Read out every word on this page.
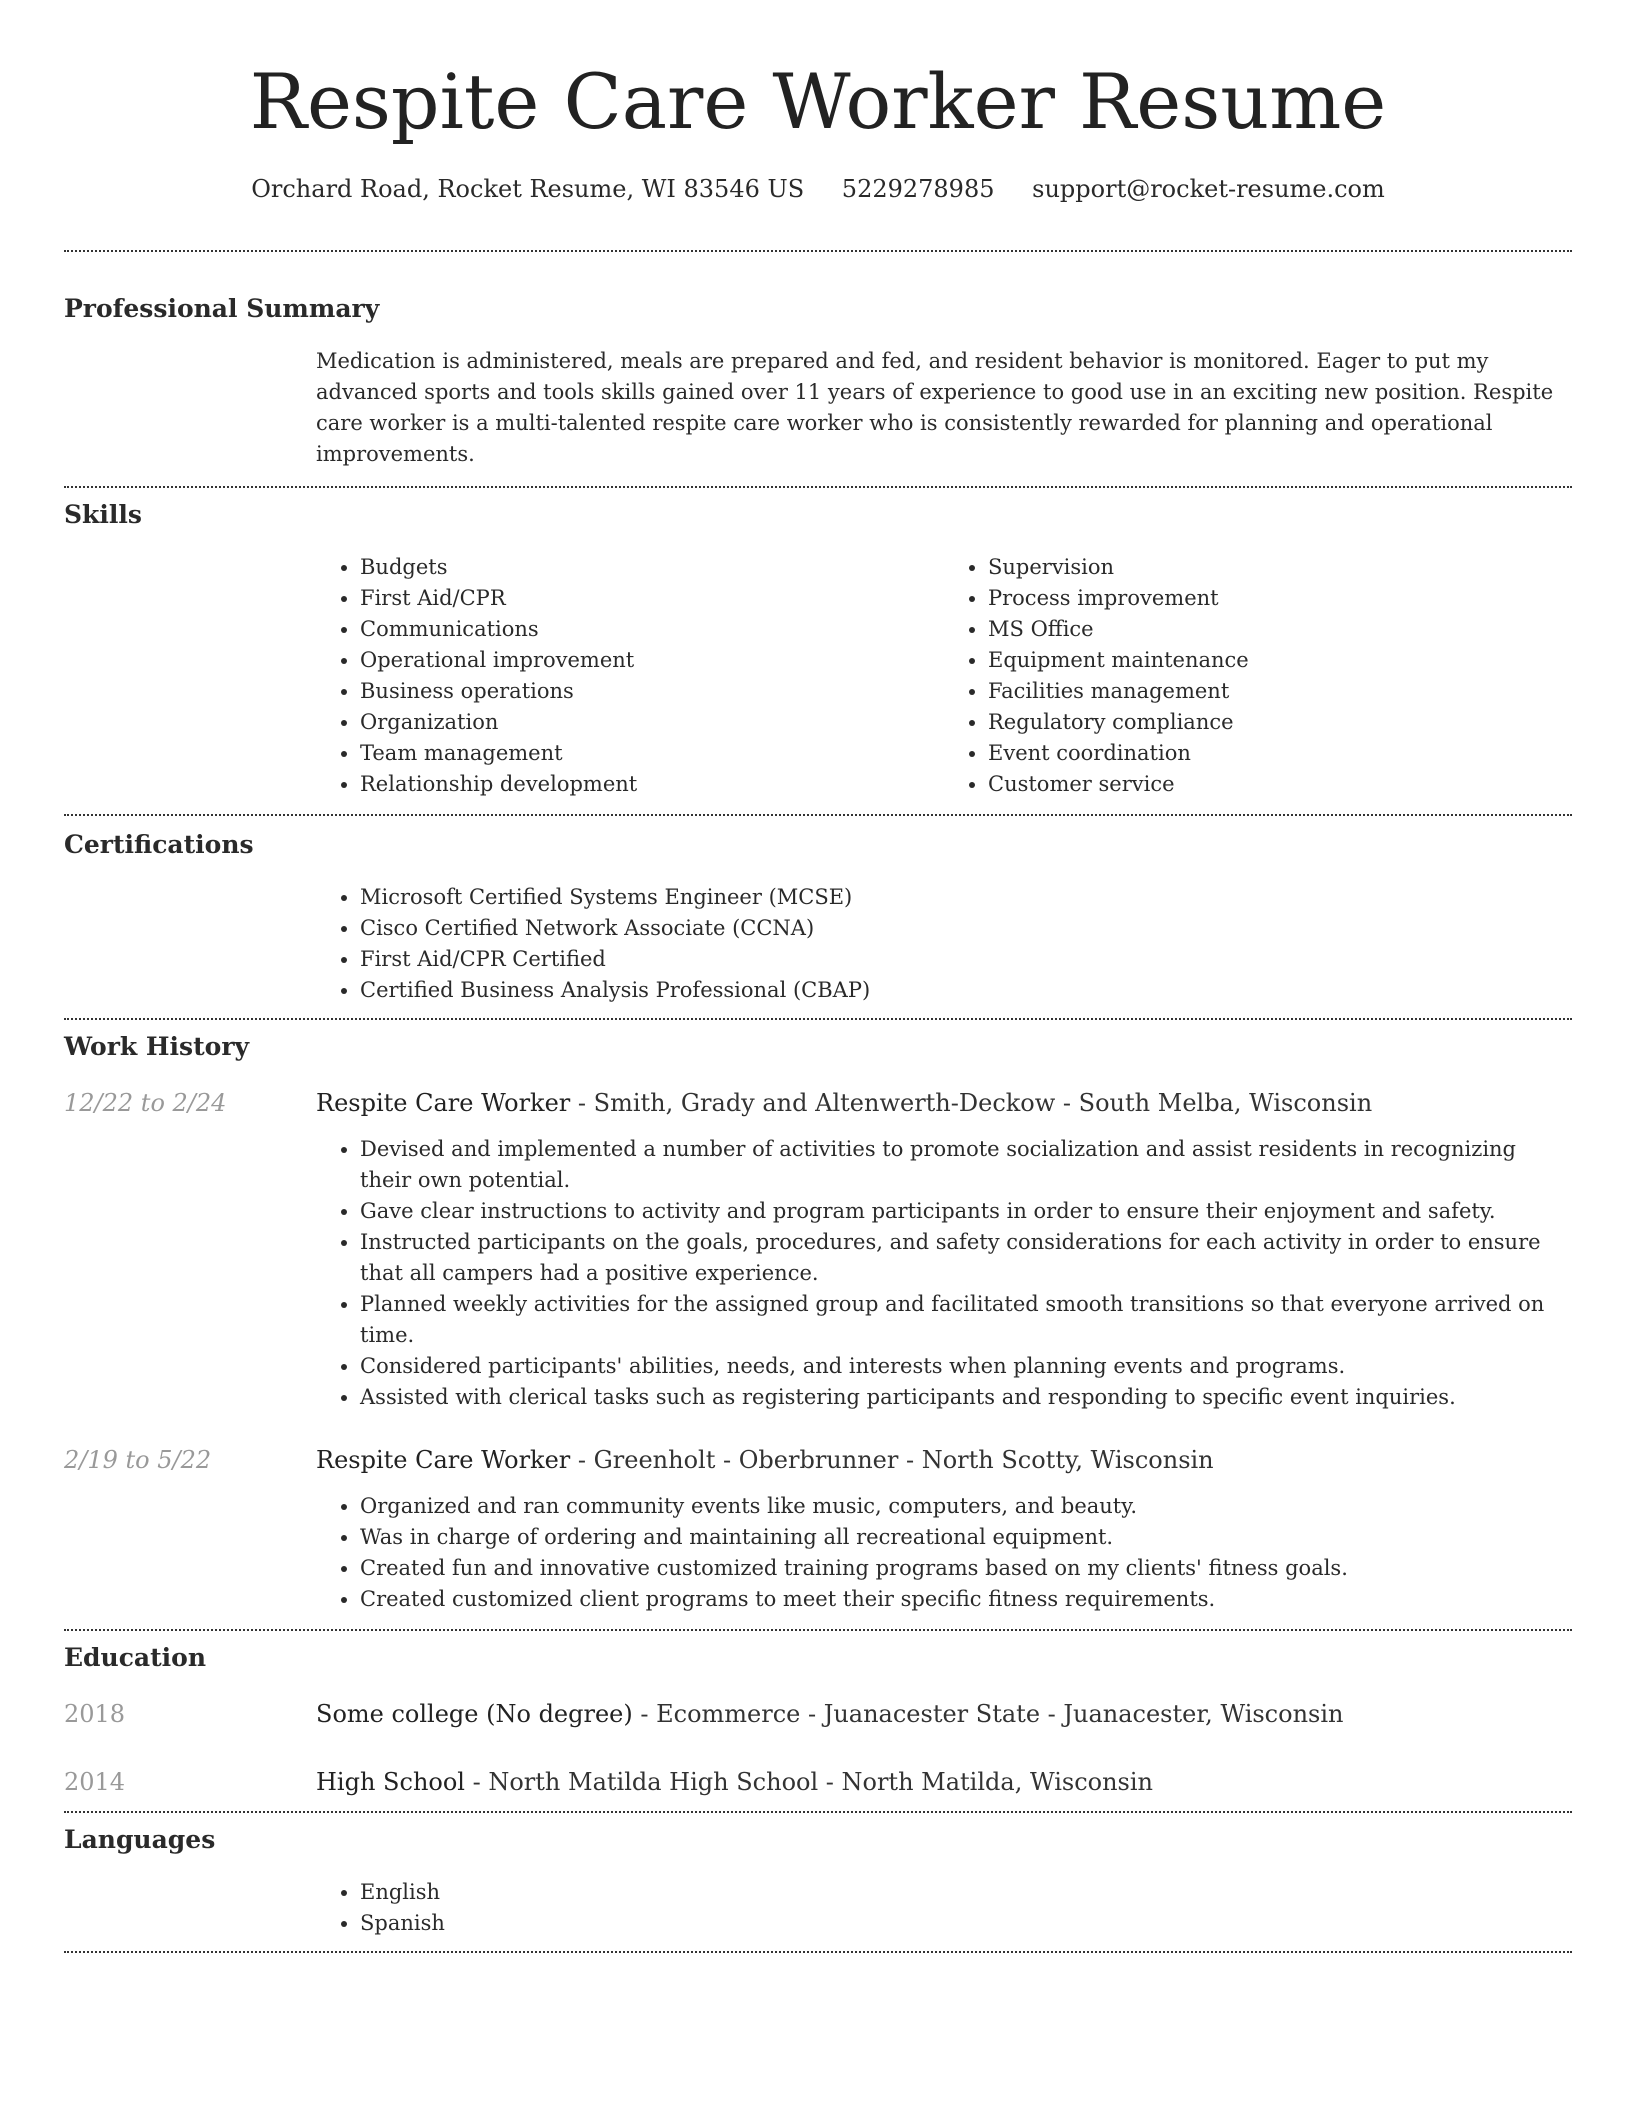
Respite Care Worker Resume
Orchard Road, Rocket Resume, WI 83546 US 5229278985 support@rocket-resume.com
Professional Summary

Medication is administered, meals are prepared and fed, and resident behavior is monitored. Eager to put my advanced sports and tools skills gained over 11 years of experience to good use in an exciting new position. Respite care worker is a multi-talented respite care worker who is consistently rewarded for planning and operational improvements.

Skills
• Budgets
• First Aid/CPR
• Communications
• Operational improvement
• Business operations
• Organization
• Team management
• Relationship development
• Supervision
• Process improvement
• MS Office
• Equipment maintenance
• Facilities management
• Regulatory compliance
• Event coordination
• Customer service
Certifications
• Microsoft Certified Systems Engineer (MCSE)
• Cisco Certified Network Associate (CCNA)
• First Aid/CPR Certified
• Certified Business Analysis Professional (CBAP)
Work History
12/22 to 2/24	Respite Care Worker - Smith, Grady and Altenwerth-Deckow - South Melba, Wisconsin
• Devised and implemented a number of activities to promote socialization and assist residents in recognizing their own potential.
• Gave clear instructions to activity and program participants in order to ensure their enjoyment and safety.
• Instructed participants on the goals, procedures, and safety considerations for each activity in order to ensure that all campers had a positive experience.
• Planned weekly activities for the assigned group and facilitated smooth transitions so that everyone arrived on time.
• Considered participants' abilities, needs, and interests when planning events and programs.
• Assisted with clerical tasks such as registering participants and responding to specific event inquiries.
2/19 to 5/22	Respite Care Worker - Greenholt - Oberbrunner - North Scotty, Wisconsin
• Organized and ran community events like music, computers, and beauty.
• Was in charge of ordering and maintaining all recreational equipment.
• Created fun and innovative customized training programs based on my clients' fitness goals.
• Created customized client programs to meet their specific fitness requirements.
Education
2018	Some college (No degree) - Ecommerce - Juanacester State - Juanacester, Wisconsin
2014	High School - North Matilda High School - North Matilda, Wisconsin
Languages
• English
• Spanish
